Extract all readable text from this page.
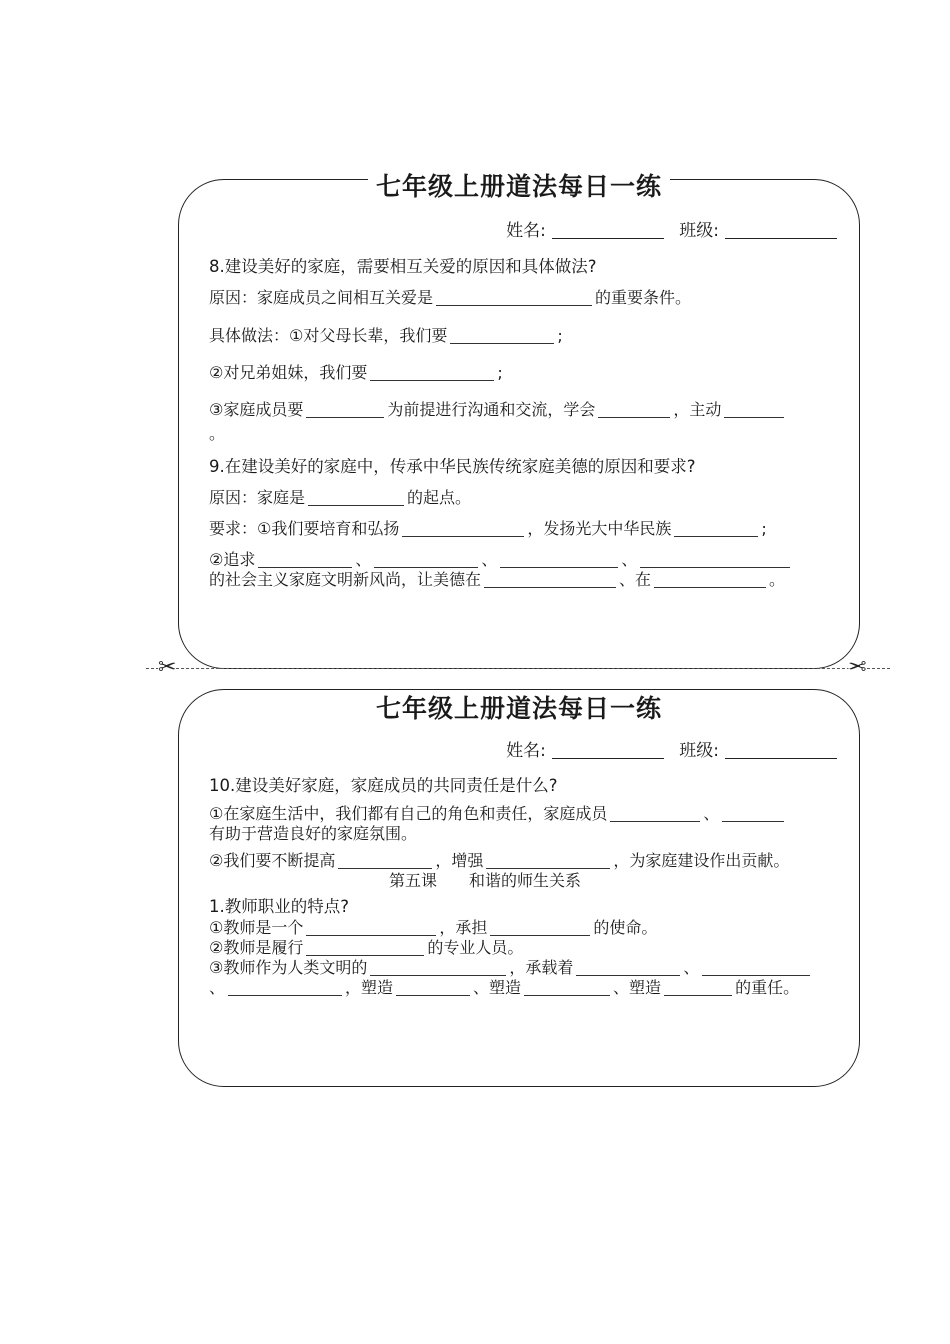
七年级上册道法每日一练
姓名:	班级:
8.建设美好的家庭，需要相互关爱的原因和具体做法?
原因：家庭成员之间相互关爱是	的重要条件。
具体做法：①对父母长辈，我们要	;
②对兄弟姐妹，我们要	;
③家庭成员要	为前提进行沟通和交流，学会	，主动
。
9.在建设美好的家庭中，传承中华民族传统家庭美德的原因和要求?
原因：家庭是	的起点。
要求：①我们要培育和弘扬	，发扬光大中华民族	;
②追求	、	、	、
的社会主义家庭文明新风尚，让美德在	、在	。
✂	✂
七年级上册道法每日一练
姓名:	班级:
10.建设美好家庭，家庭成员的共同责任是什么?
①在家庭生活中，我们都有自己的角色和责任，家庭成员	、
有助于营造良好的家庭氛围。
②我们要不断提高	，增强	，为家庭建设作出贡献。
第五课　　和谐的师生关系
1.教师职业的特点?
①教师是一个	，承担	的使命。
②教师是履行	的专业人员。
③教师作为人类文明的	，承载着	、
、	，塑造	、塑造	、塑造	的重任。
